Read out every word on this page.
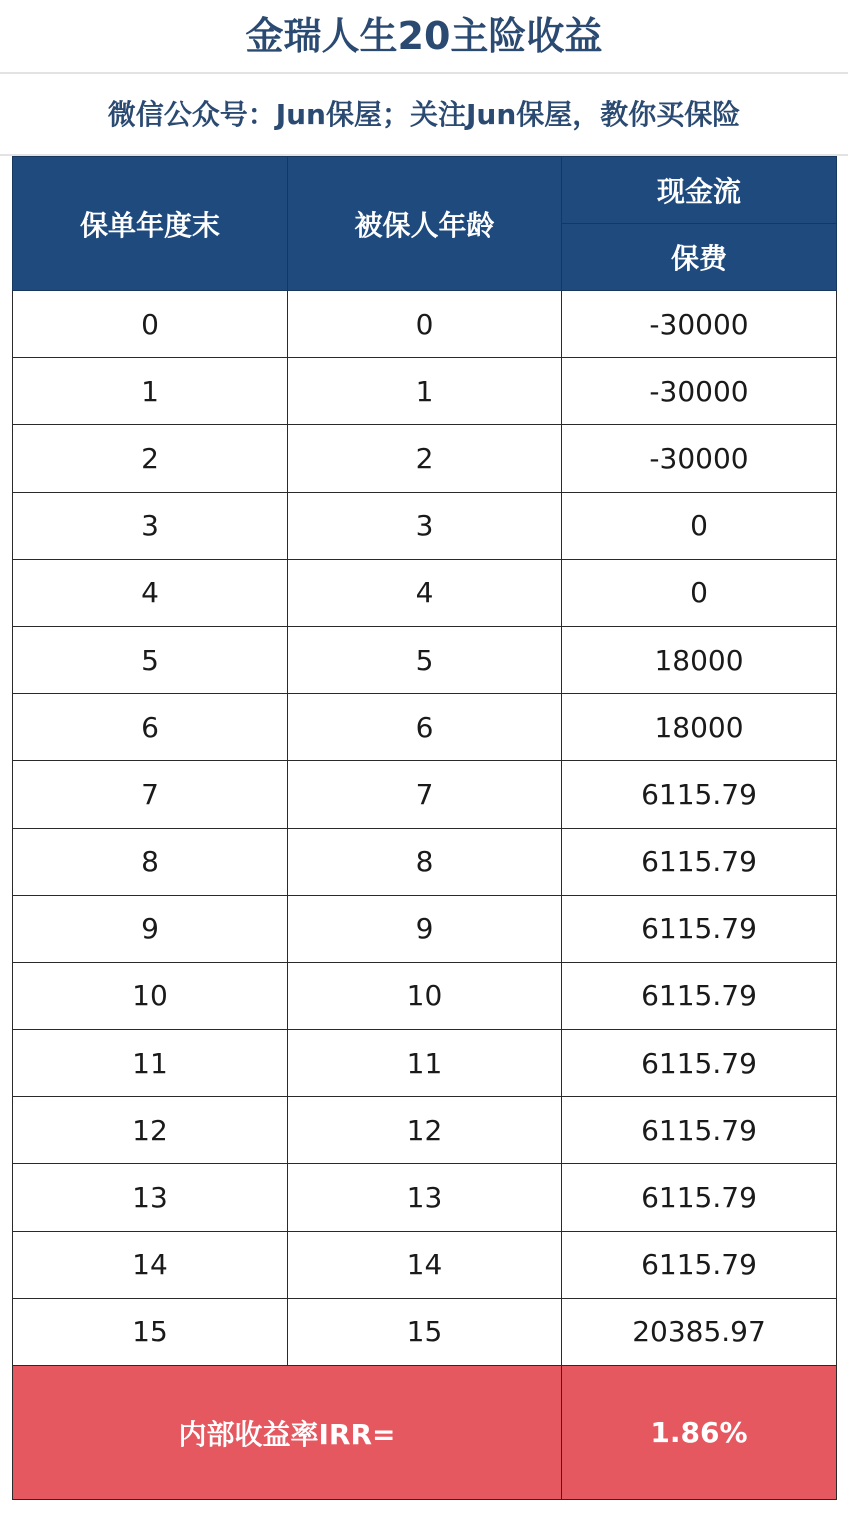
金瑞人生20主险收益
微信公众号：Jun保屋；关注Jun保屋，教你买保险
保单年度末	被保人年龄	现金流
		保费
0	0	-30000
1	1	-30000
2	2	-30000
3	3	0
4	4	0
5	5	18000
6	6	18000
7	7	6115.79
8	8	6115.79
9	9	6115.79
10	10	6115.79
11	11	6115.79
12	12	6115.79
13	13	6115.79
14	14	6115.79
15	15	20385.97
内部收益率IRR=		1.86%
